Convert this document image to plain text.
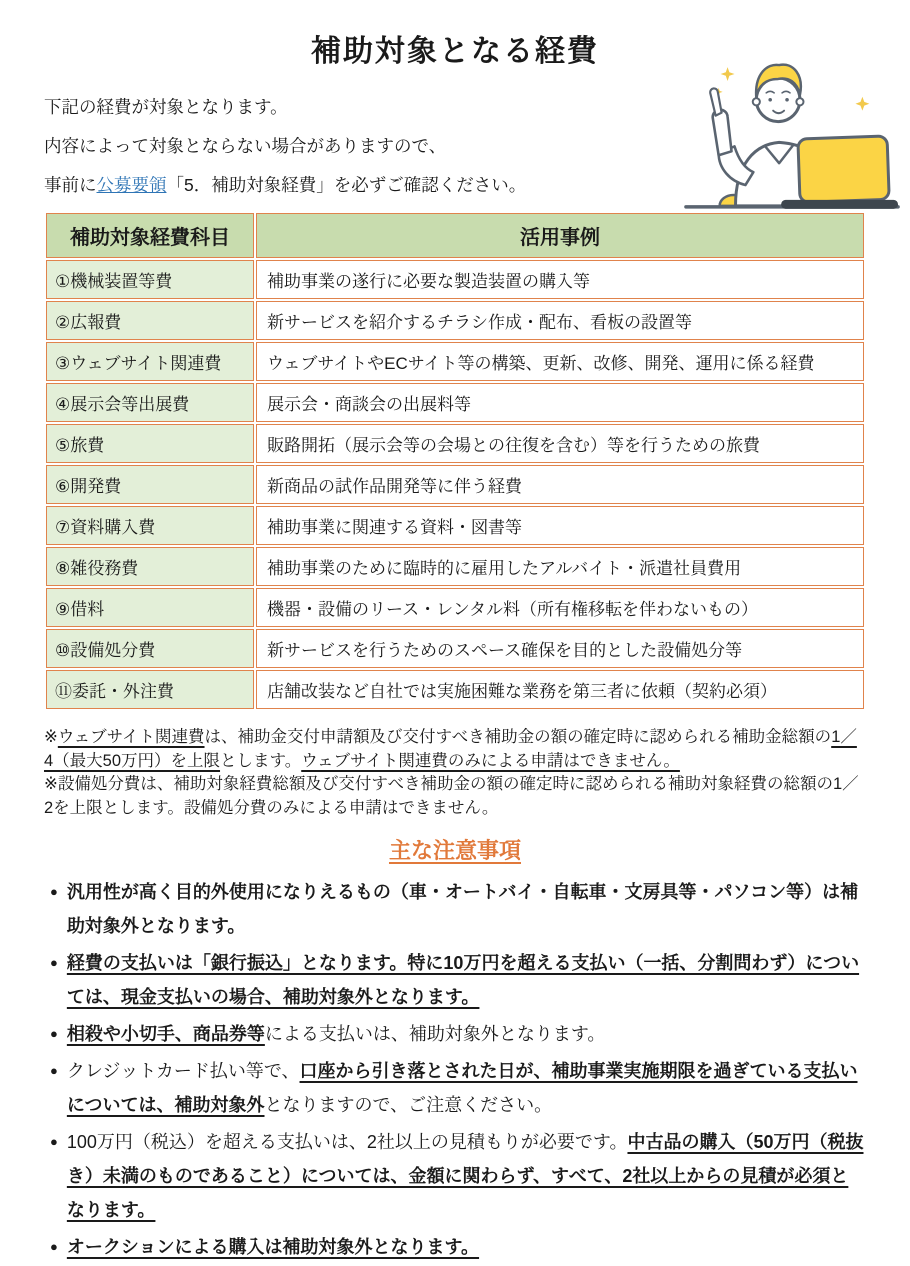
補助対象となる経費

下記の経費が対象となります。

内容によって対象とならない場合がありますので、

事前に公募要領「5．補助対象経費」を必ずご確認ください。

補助対象経費科目	活用事例
①機械装置等費	補助事業の遂行に必要な製造装置の購入等
②広報費	新サービスを紹介するチラシ作成・配布、看板の設置等
③ウェブサイト関連費	ウェブサイトやECサイト等の構築、更新、改修、開発、運用に係る経費
④展示会等出展費	展示会・商談会の出展料等
⑤旅費	販路開拓（展示会等の会場との往復を含む）等を行うための旅費
⑥開発費	新商品の試作品開発等に伴う経費
⑦資料購入費	補助事業に関連する資料・図書等
⑧雑役務費	補助事業のために臨時的に雇用したアルバイト・派遣社員費用
⑨借料	機器・設備のリース・レンタル料（所有権移転を伴わないもの）
⑩設備処分費	新サービスを行うためのスペース確保を目的とした設備処分等
⑪委託・外注費	店舗改装など自社では実施困難な業務を第三者に依頼（契約必須）

※ウェブサイト関連費は、補助金交付申請額及び交付すべき補助金の額の確定時に認められる補助金総額の1／4（最大50万円）を上限とします。ウェブサイト関連費のみによる申請はできません。

※設備処分費は、補助対象経費総額及び交付すべき補助金の額の確定時に認められる補助対象経費の総額の1／2を上限とします。設備処分費のみによる申請はできません。

主な注意事項
● 汎用性が高く目的外使用になりえるもの（車・オートバイ・自転車・文房具等・パソコン等）は補助対象外となります。
● 経費の支払いは「銀行振込」となります。特に10万円を超える支払い（一括、分割問わず）については、現金支払いの場合、補助対象外となります。
● 相殺や小切手、商品券等による支払いは、補助対象外となります。
● クレジットカード払い等で、口座から引き落とされた日が、補助事業実施期限を過ぎている支払いについては、補助対象外となりますので、ご注意ください。
● 100万円（税込）を超える支払いは、2社以上の見積もりが必要です。中古品の購入（50万円（税抜き）未満のものであること）については、金額に関わらず、すべて、2社以上からの見積が必須となります。
● オークションによる購入は補助対象外となります。
